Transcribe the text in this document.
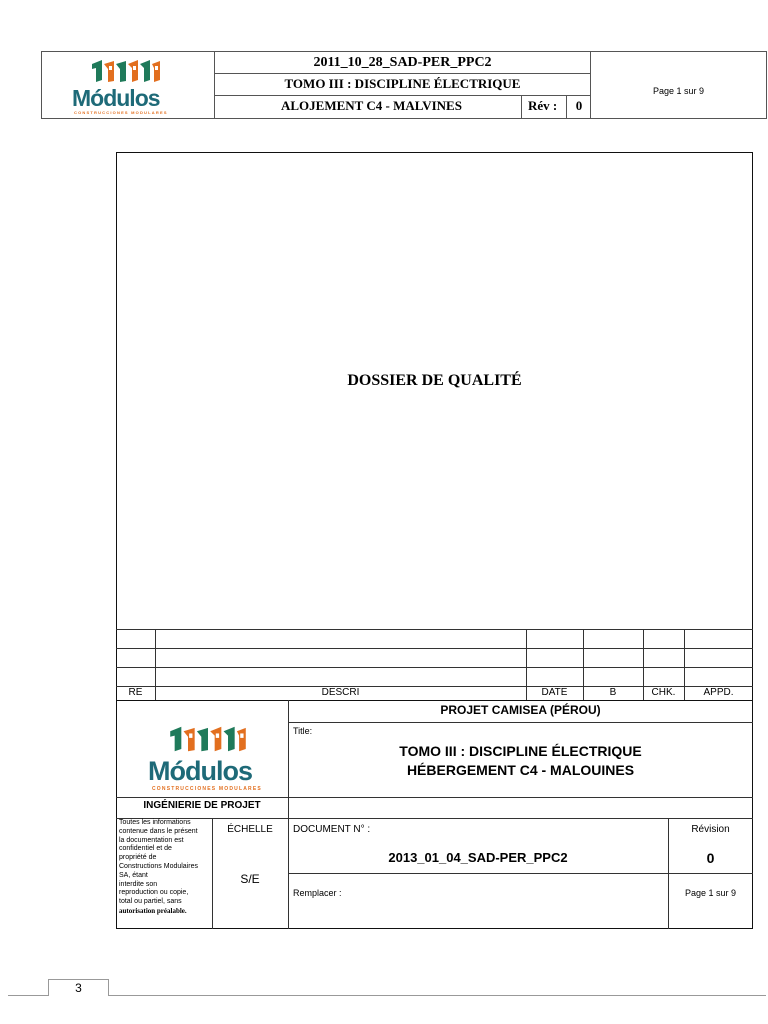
Módulos
CONSTRUCCIONES MODULARES
2011_10_28_SAD-PER_PPC2
TOMO III : DISCIPLINE ÉLECTRIQUE
ALOJEMENT C4 - MALVINES	Rév :	0
Page 1 sur 9
DOSSIER DE QUALITÉ
RE	DESCRI	DATE	B	CHK.	APPD.
Módulos
CONSTRUCCIONES MODULARES
PROJET CAMISEA (PÉROU)
Title:
TOMO III : DISCIPLINE ÉLECTRIQUE
HÉBERGEMENT C4 - MALOUINES
INGÉNIERIE DE PROJET
Toutes les informations
contenue dans le présent
la documentation est
confidentiel et de
propriété de
Constructions Modulaires
SA, étant
interdite son
reproduction ou copie,
total ou partiel, sans
autorisation préalable.
ÉCHELLE
S/E
DOCUMENT N° :
2013_01_04_SAD-PER_PPC2
Remplacer :
Révision
0
Page 1 sur 9
3
